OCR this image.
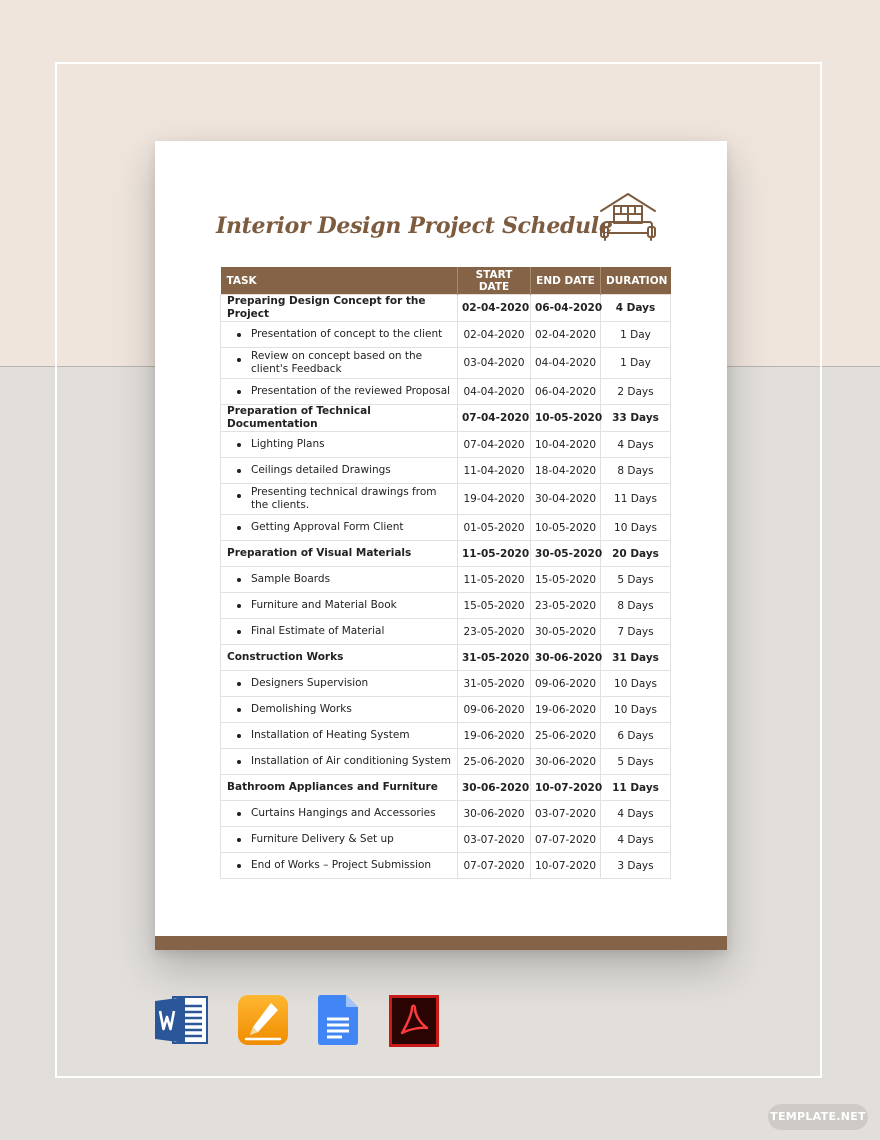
Interior Design Project Schedule
TASK	START DATE	END DATE	DURATION
Preparing Design Concept for the Project	02-04-2020	06-04-2020	4 Days

Presentation of concept to the client	02-04-2020	02-04-2020	1 Day

Review on concept based on the client's Feedback	03-04-2020	04-04-2020	1 Day

Presentation of the reviewed Proposal	04-04-2020	06-04-2020	2 Days
Preparation of Technical Documentation	07-04-2020	10-05-2020	33 Days

Lighting Plans	07-04-2020	10-04-2020	4 Days

Ceilings detailed Drawings	11-04-2020	18-04-2020	8 Days

Presenting technical drawings from the clients.	19-04-2020	30-04-2020	11 Days

Getting Approval Form Client	01-05-2020	10-05-2020	10 Days
Preparation of Visual Materials	11-05-2020	30-05-2020	20 Days

Sample Boards	11-05-2020	15-05-2020	5 Days

Furniture and Material Book	15-05-2020	23-05-2020	8 Days

Final Estimate of Material	23-05-2020	30-05-2020	7 Days
Construction Works	31-05-2020	30-06-2020	31 Days

Designers Supervision	31-05-2020	09-06-2020	10 Days

Demolishing Works	09-06-2020	19-06-2020	10 Days

Installation of Heating System	19-06-2020	25-06-2020	6 Days

Installation of Air conditioning System	25-06-2020	30-06-2020	5 Days
Bathroom Appliances and Furniture	30-06-2020	10-07-2020	11 Days

Curtains Hangings and Accessories	30-06-2020	03-07-2020	4 Days

Furniture Delivery & Set up	03-07-2020	07-07-2020	4 Days

End of Works – Project Submission	07-07-2020	10-07-2020	3 Days
TEMPLATE.NET
